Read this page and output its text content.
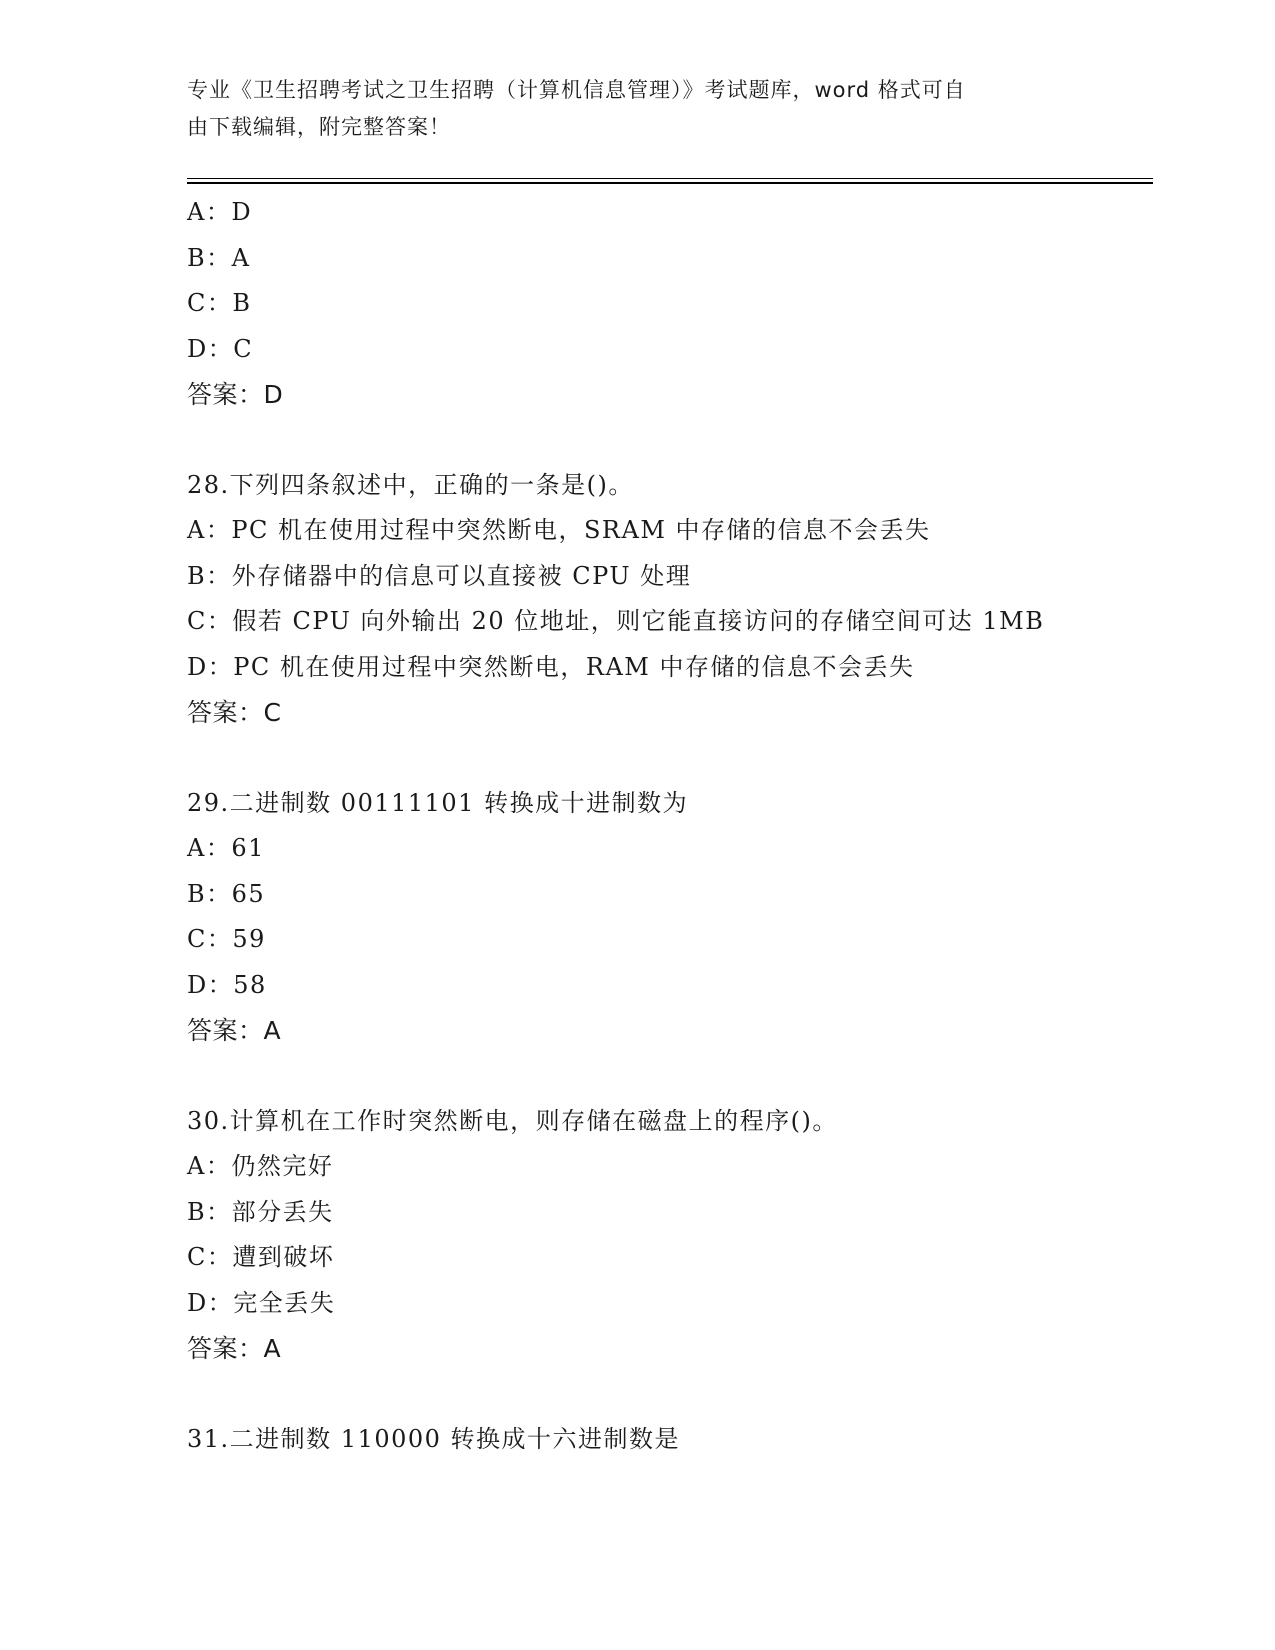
专业《卫生招聘考试之卫生招聘（计算机信息管理）》考试题库，word 格式可自
由下载编辑，附完整答案！
A：D
B：A
C：B
D：C
答案：D
28.下列四条叙述中，正确的一条是()。
A：PC 机在使用过程中突然断电，SRAM 中存储的信息不会丢失
B：外存储器中的信息可以直接被 CPU 处理
C：假若 CPU 向外输出 20 位地址，则它能直接访问的存储空间可达 1MB
D：PC 机在使用过程中突然断电，RAM 中存储的信息不会丢失
答案：C
29.二进制数 00111101 转换成十进制数为
A：61
B：65
C：59
D：58
答案：A
30.计算机在工作时突然断电，则存储在磁盘上的程序()。
A：仍然完好
B：部分丢失
C：遭到破坏
D：完全丢失
答案：A
31.二进制数 110000 转换成十六进制数是
